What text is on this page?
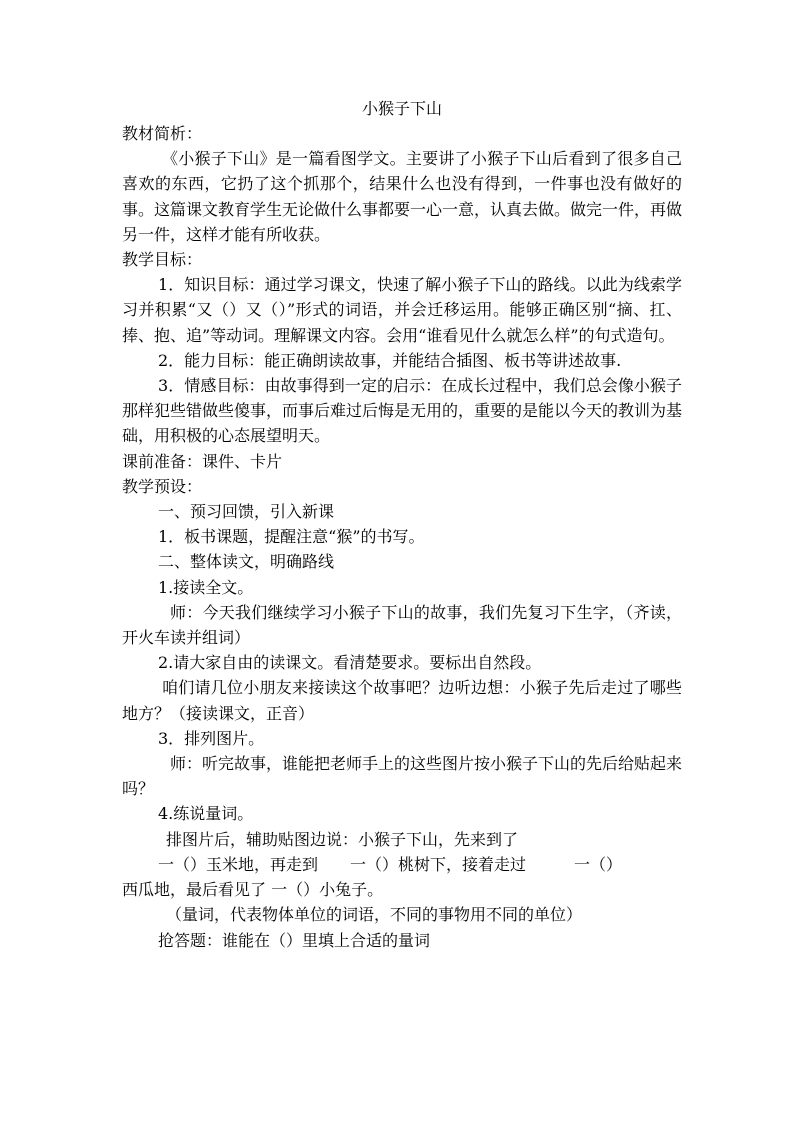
小猴子下山

教材简析：

《小猴子下山》是一篇看图学文。主要讲了小猴子下山后看到了很多自己喜欢的东西，它扔了这个抓那个，结果什么也没有得到，一件事也没有做好的事。这篇课文教育学生无论做什么事都要一心一意，认真去做。做完一件，再做另一件，这样才能有所收获。

教学目标：

1．知识目标：通过学习课文，快速了解小猴子下山的路线。以此为线索学习并积累“又（）又（）”形式的词语，并会迁移运用。能够正确区别“摘、扛、捧、抱、追”等动词。理解课文内容。会用“谁看见什么就怎么样”的句式造句。

2．能力目标：能正确朗读故事，并能结合插图、板书等讲述故事.

3．情感目标：由故事得到一定的启示：在成长过程中，我们总会像小猴子那样犯些错做些傻事，而事后难过后悔是无用的，重要的是能以今天的教训为基础，用积极的心态展望明天。

课前准备：课件、卡片

教学预设：

一、预习回馈，引入新课

1．板书课题，提醒注意“猴”的书写。

二、整体读文，明确路线

1.接读全文。

师：今天我们继续学习小猴子下山的故事，我们先复习下生字，（齐读，开火车读并组词）

2.请大家自由的读课文。看清楚要求。要标出自然段。

咱们请几位小朋友来接读这个故事吧？边听边想：小猴子先后走过了哪些地方？（接读课文，正音）

3．排列图片。

师：听完故事，谁能把老师手上的这些图片按小猴子下山的先后给贴起来吗？

4.练说量词。

排图片后，辅助贴图边说：小猴子下山，先来到了

一（）玉米地，再走到　　一（）桃树下，接着走过　　　一（）

西瓜地，最后看见了 一（）小兔子。

（量词，代表物体单位的词语，不同的事物用不同的单位）

抢答题：谁能在（）里填上合适的量词
